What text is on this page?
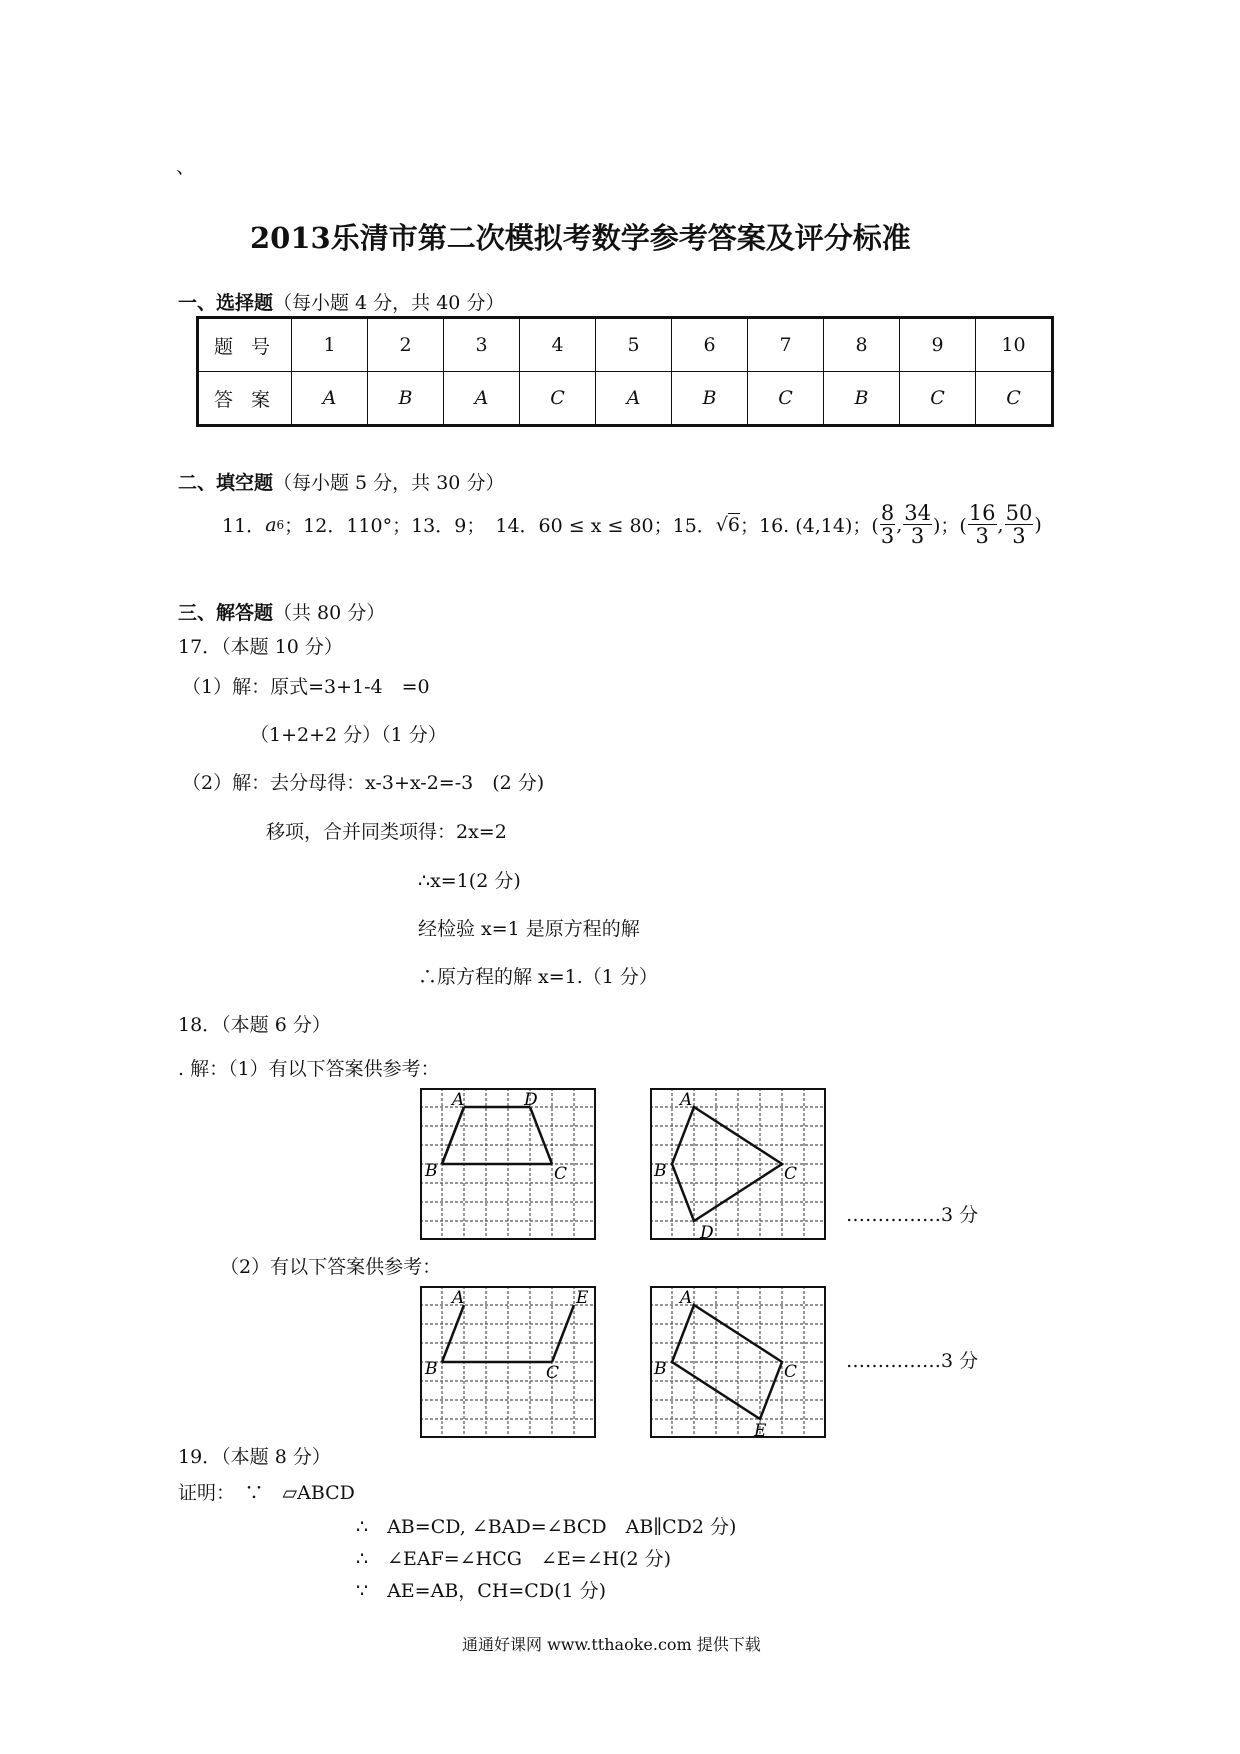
、
2013乐清市第二次模拟考数学参考答案及评分标准
一、选择题（每小题 4 分，共 40 分）
题 号	1	2	3	4	5	6	7	8	9	10
答 案	A	B	A	C	A	B	C	B	C	C
二、填空题（每小题 5 分，共 30 分）
11． a 6 ；12．110°；13．9； 14．60 ≤ x ≤ 80；15． √ 6 ；16. (4,14)；( $\frac{8}{3}$ , $\frac{34}{3}$ )；( $\frac{16}{3}$ , $\frac{50}{3}$ )
三、解答题（共 80 分）
17．（本题 10 分）
（1）解：原式=3+1-4　=0
（1+2+2 分）（1 分）
（2）解：去分母得：x-3+x-2=-3　(2 分)
移项，合并同类项得：2x=2
∴x=1(2 分)
经检验 x=1 是原方程的解
∴原方程的解 x=1.（1 分）
18．（本题 6 分）
. 解：（1）有以下答案供参考：
A	D
B	C
A
B	C
D
……………3 分
（2）有以下答案供参考：
A	E
B	C
A
B	C
E
……………3 分
19．（本题 8 分）
证明：　∵　▱ABCD
∴　AB=CD, ∠BAD=∠BCD　AB∥CD2 分)
∴　∠EAF=∠HCG　∠E=∠H(2 分)
∵　AE=AB，CH=CD(1 分)
通通好课网 www.tthaoke.com 提供下载
